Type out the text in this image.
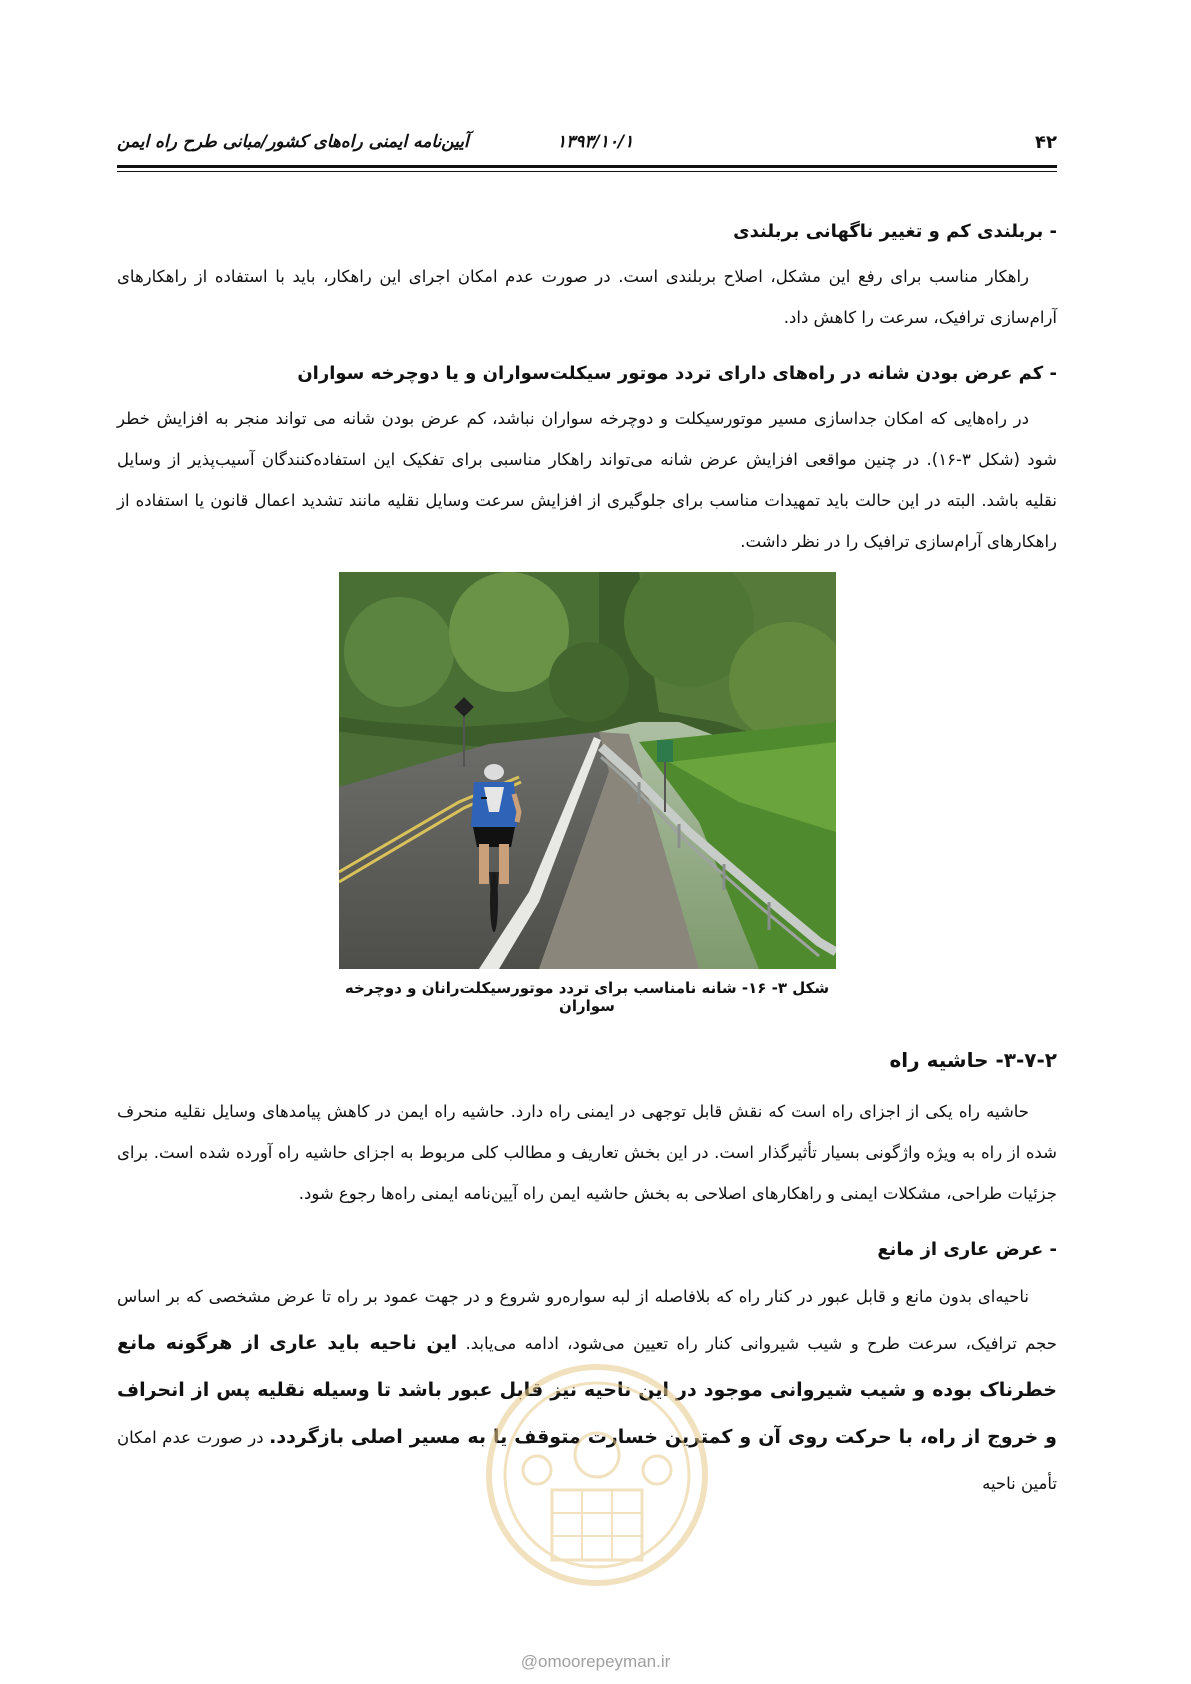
۴۲
۱۳۹۳/۱۰/۱
آیین‌نامه ایمنی راه‌های کشور/مبانی طرح راه ایمن
- بربلندی کم و تغییر ناگهانی بربلندی

راهکار مناسب برای رفع این مشکل، اصلاح بربلندی است. در صورت عدم امکان اجرای این راهکار، باید با استفاده از راهکارهای آرام‌سازی ترافیک، سرعت را کاهش داد.

- کم عرض بودن شانه در راه‌های دارای تردد موتور سیکلت‌سواران و یا دوچرخه سواران

در راه‌هایی که امکان جداسازی مسیر موتورسیکلت و دوچرخه سواران نباشد، کم عرض بودن شانه می تواند منجر به افزایش خطر شود (شکل ۳-۱۶). در چنین مواقعی افزایش عرض شانه می‌تواند راهکار مناسبی برای تفکیک این استفاده‌کنندگان آسیب‌پذیر از وسایل نقلیه باشد. البته در این حالت باید تمهیدات مناسب برای جلوگیری از افزایش سرعت وسایل نقلیه مانند تشدید اعمال قانون یا استفاده از راهکارهای آرام‌سازی ترافیک را در نظر داشت.

شکل ۳- ۱۶- شانه نامناسب برای تردد موتورسیکلت‌رانان و دوچرخه سواران
۳-۷-۲- حاشیه راه

حاشیه راه یکی از اجزای راه است که نقش قابل توجهی در ایمنی راه دارد. حاشیه راه ایمن در کاهش پیامدهای وسایل نقلیه منحرف شده از راه به ویژه واژگونی بسیار تأثیرگذار است. در این بخش تعاریف و مطالب کلی مربوط به اجزای حاشیه راه آورده شده است. برای جزئیات طراحی، مشکلات ایمنی و راهکارهای اصلاحی به بخش حاشیه ایمن راه آیین‌نامه ایمنی راه‌ها رجوع شود.

- عرض عاری از مانع

ناحیه‌ای بدون مانع و قابل عبور در کنار راه که بلافاصله از لبه سواره‌رو شروع و در جهت عمود بر راه تا عرض مشخصی که بر اساس حجم ترافیک، سرعت طرح و شیب شیروانی کنار راه تعیین می‌شود، ادامه می‌یابد. این ناحیه باید عاری از هرگونه مانع خطرناک بوده و شیب شیروانی موجود در این ناحیه نیز قابل عبور باشد تا وسیله نقلیه پس از انحراف و خروج از راه، با حرکت روی آن و کمترین خسارت متوقف یا به مسیر اصلی بازگردد. در صورت عدم امکان تأمین ناحیه

@omoorepeyman.ir
